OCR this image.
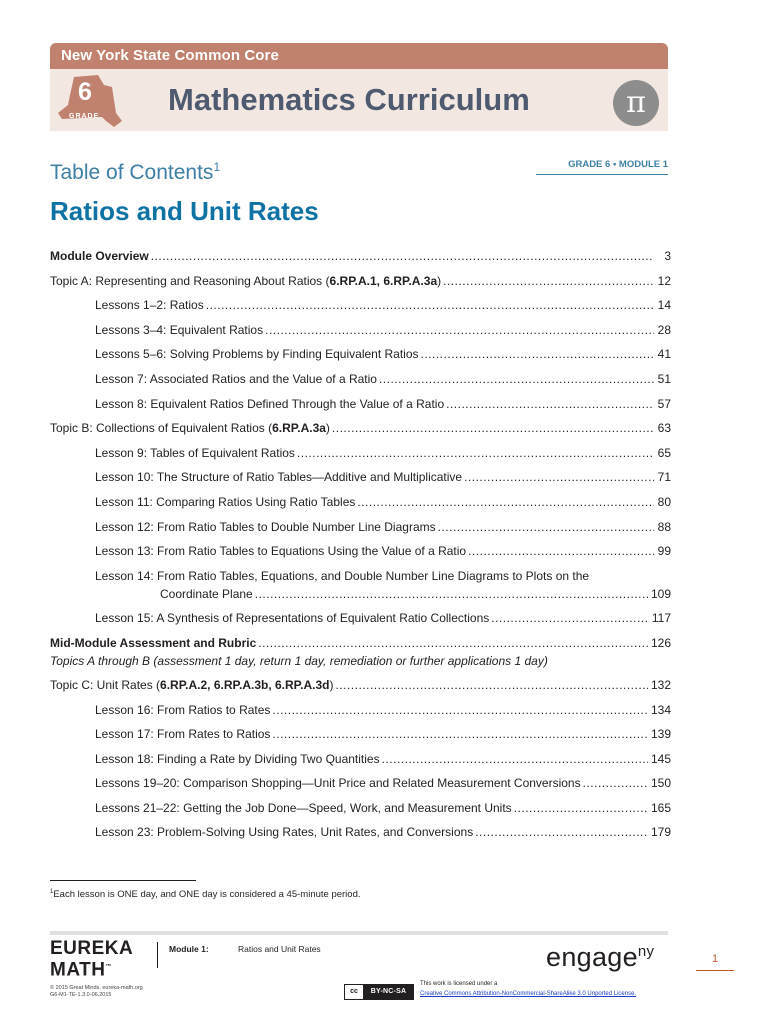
New York State Common Core
6
GRADE Mathematics Curriculum	π
Table of Contents$^1$	GRADE 6 • MODULE 1
Ratios and Unit Rates
Module Overview .....	3
Topic A: Representing and Reasoning About Ratios (6.RP.A.1, 6.RP.A.3a) .....	12
Lessons 1–2: Ratios .....	14
Lessons 3–4: Equivalent Ratios .....	28
Lessons 5–6: Solving Problems by Finding Equivalent Ratios .....	41
Lesson 7: Associated Ratios and the Value of a Ratio .....	51
Lesson 8: Equivalent Ratios Defined Through the Value of a Ratio .....	57
Topic B: Collections of Equivalent Ratios (6.RP.A.3a) .....	63
Lesson 9: Tables of Equivalent Ratios .....	65
Lesson 10: The Structure of Ratio Tables—Additive and Multiplicative .....	71
Lesson 11: Comparing Ratios Using Ratio Tables .....	80
Lesson 12: From Ratio Tables to Double Number Line Diagrams .....	88
Lesson 13: From Ratio Tables to Equations Using the Value of a Ratio .....	99
Lesson 14: From Ratio Tables, Equations, and Double Number Line Diagrams to Plots on the
Coordinate Plane .....	109
Lesson 15: A Synthesis of Representations of Equivalent Ratio Collections .....	117
Mid-Module Assessment and Rubric .....	126
Topics A through B (assessment 1 day, return 1 day, remediation or further applications 1 day)
Topic C: Unit Rates (6.RP.A.2, 6.RP.A.3b, 6.RP.A.3d) .....	132
Lesson 16: From Ratios to Rates .....	134
Lesson 17: From Rates to Ratios .....	139
Lesson 18: Finding a Rate by Dividing Two Quantities .....	145
Lessons 19–20: Comparison Shopping—Unit Price and Related Measurement Conversions .....	150
Lessons 21–22: Getting the Job Done—Speed, Work, and Measurement Units .....	165
Lesson 23: Problem-Solving Using Rates, Unit Rates, and Conversions .....	179
$^1$Each lesson is ONE day, and ONE day is considered a 45-minute period.
EUREKA
MATH™
Module 1:	Ratios and Unit Rates
© 2015 Great Minds. eureka-math.org
G6-M1-TE-1.3.0-06.2015
engage$^{ny}$
cc	BY-NC-SA
This work is licensed under a
Creative Commons Attribution-NonCommercial-ShareAlike 3.0 Unported License.
1
